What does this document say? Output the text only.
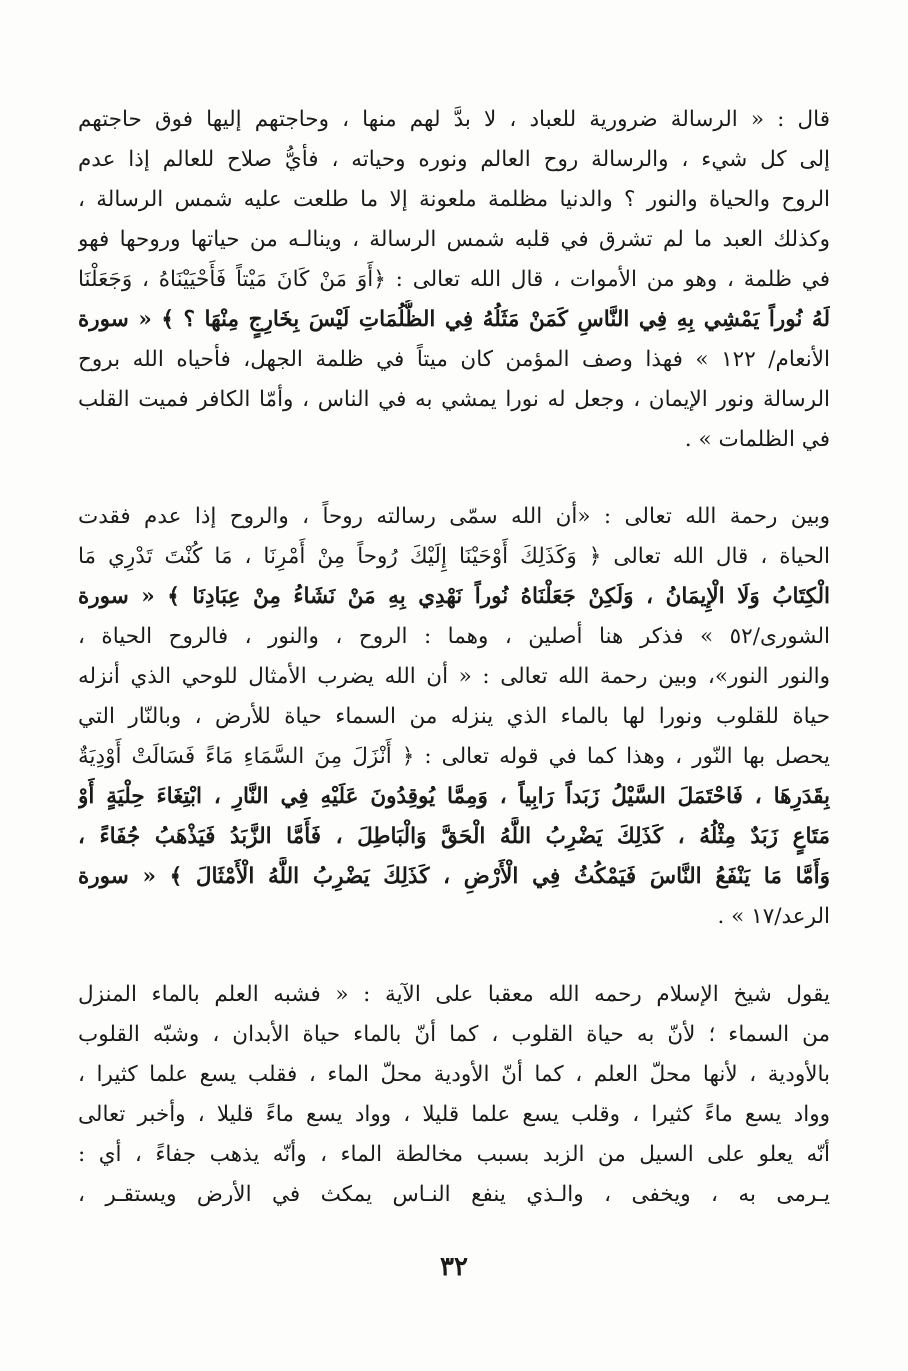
قال : « الرسالة ضرورية للعباد ، لا بدَّ لهم منها ، وحاجتهم إليها فوق حاجتهم
إلى كل شيء ، والرسالة روح العالم ونوره وحياته ، فأيُّ صلاح للعالم إذا عدم
الروح والحياة والنور ؟ والدنيا مظلمة ملعونة إلا ما طلعت عليه شمس الرسالة ،
وكذلك العبد ما لم تشرق في قلبه شمس الرسالة ، وينالـه من حياتها وروحها فهو
في ظلمة ، وهو من الأموات ، قال الله تعالى : ﴿أَوَ مَنْ كَانَ مَيْتاً فَأَحْيَيْنَاهُ ، وَجَعَلْنَا
لَهُ نُوراً يَمْشِي بِهِ فِي النَّاسِ كَمَنْ مَثَلُهُ فِي الظُّلُمَاتِ لَيْسَ بِخَارِجٍ مِنْهَا ؟ ﴾ « سورة
الأنعام/ ١٢٢ » فهذا وصف المؤمن كان ميتاً في ظلمة الجهل، فأحياه الله بروح
الرسالة ونور الإيمان ، وجعل له نورا يمشي به في الناس ، وأمّا الكافر فميت القلب
في الظلمات » .
وبين رحمة الله تعالى : «أن الله سمّى رسالته روحاً ، والروح إذا عدم فقدت
الحياة ، قال الله تعالى ﴿ وَكَذَلِكَ أَوْحَيْنَا إِلَيْكَ رُوحاً مِنْ أَمْرِنَا ، مَا كُنْتَ تَدْرِي مَا
الْكِتَابُ وَلَا الْإِيمَانُ ، وَلَكِنْ جَعَلْنَاهُ نُوراً نَهْدِي بِهِ مَنْ نَشَاءُ مِنْ عِبَادِنَا ﴾ « سورة
الشورى/٥٢ » فذكر هنا أصلين ، وهما : الروح ، والنور ، فالروح الحياة ،
والنور النور»، وبين رحمة الله تعالى : « أن الله يضرب الأمثال للوحي الذي أنزله
حياة للقلوب ونورا لها بالماء الذي ينزله من السماء حياة للأرض ، وبالنّار التي
يحصل بها النّور ، وهذا كما في قوله تعالى : ﴿ أَنْزَلَ مِنَ السَّمَاءِ مَاءً فَسَالَتْ أَوْدِيَةٌ
بِقَدَرِهَا ، فَاحْتَمَلَ السَّيْلُ زَبَداً رَابِياً ، وَمِمَّا يُوقِدُونَ عَلَيْهِ فِي النَّارِ ، ابْتِغَاءَ حِلْيَةٍ أَوْ
مَتَاعٍ زَبَدٌ مِثْلُهُ ، كَذَلِكَ يَضْرِبُ اللَّهُ الْحَقَّ وَالْبَاطِلَ ، فَأَمَّا الزَّبَدُ فَيَذْهَبُ جُفَاءً ،
وَأَمَّا مَا يَنْفَعُ النَّاسَ فَيَمْكُثُ فِي الْأَرْضِ ، كَذَلِكَ يَضْرِبُ اللَّهُ الْأَمْثَالَ ﴾ « سورة
الرعد/١٧ » .
يقول شيخ الإسلام رحمه الله معقبا على الآية : « فشبه العلم بالماء المنزل
من السماء ؛ لأنّ به حياة القلوب ، كما أنّ بالماء حياة الأبدان ، وشبّه القلوب
بالأودية ، لأنها محلّ العلم ، كما أنّ الأودية محلّ الماء ، فقلب يسع علما كثيرا ،
وواد يسع ماءً كثيرا ، وقلب يسع علما قليلا ، وواد يسع ماءً قليلا ، وأخبر تعالى
أنّه يعلو على السيل من الزبد بسبب مخالطة الماء ، وأنّه يذهب جفاءً ، أي :
يـرمى به ، ويخفى ، والـذي ينفع النـاس يمكث في الأرض ويستقـر ،
٣٢
